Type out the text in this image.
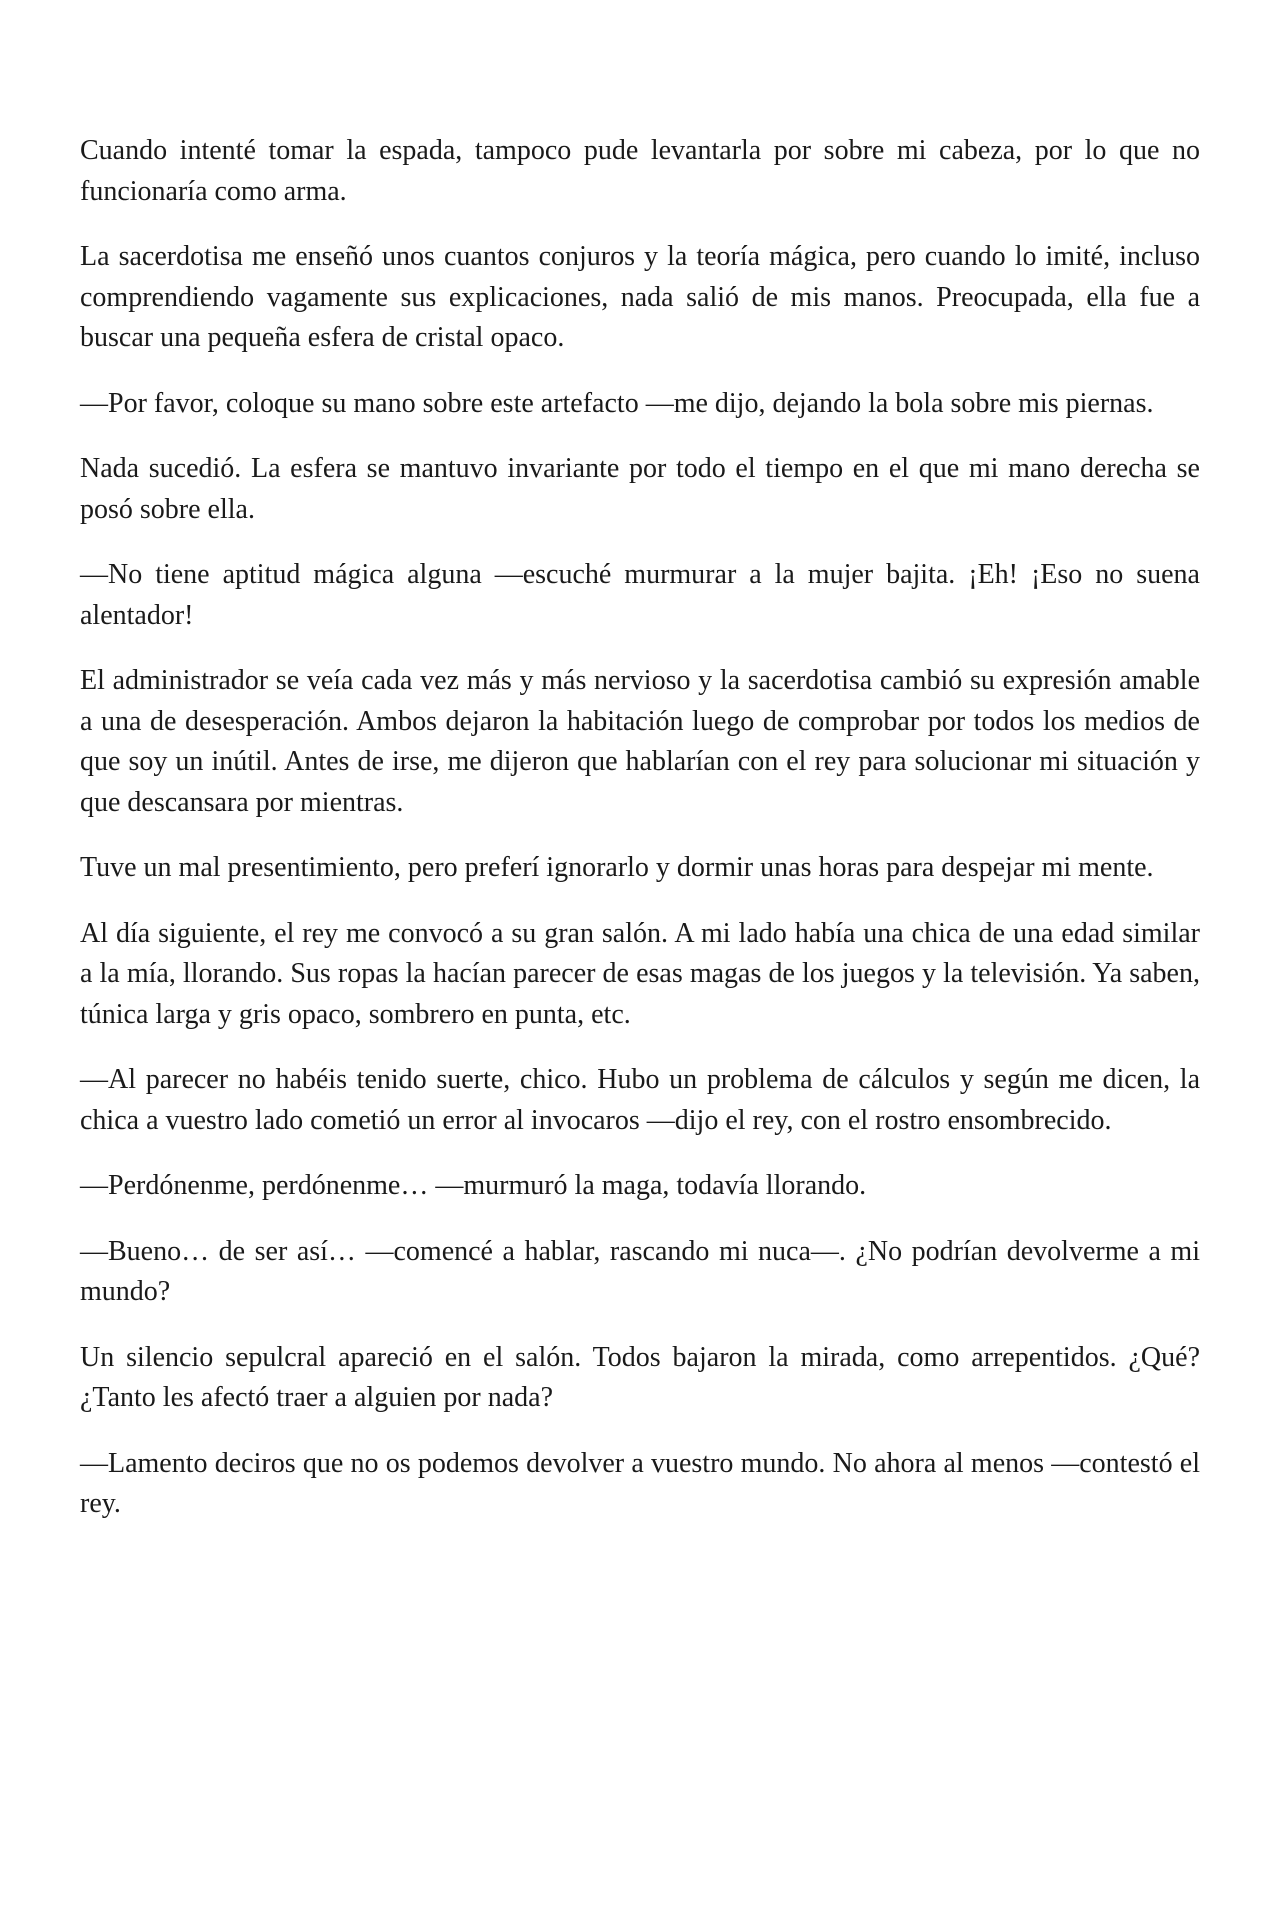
Cuando intenté tomar la espada, tampoco pude levantarla por sobre mi cabeza, por lo que no funcionaría como arma.

La sacerdotisa me enseñó unos cuantos conjuros y la teoría mágica, pero cuando lo imité, incluso comprendiendo vagamente sus explicaciones, nada salió de mis manos. Preocupada, ella fue a buscar una pequeña esfera de cristal opaco.

—Por favor, coloque su mano sobre este artefacto —me dijo, dejando la bola sobre mis piernas.

Nada sucedió. La esfera se mantuvo invariante por todo el tiempo en el que mi mano derecha se posó sobre ella.

—No tiene aptitud mágica alguna —escuché murmurar a la mujer bajita. ¡Eh! ¡Eso no suena alentador!

El administrador se veía cada vez más y más nervioso y la sacerdotisa cambió su expresión amable a una de desesperación. Ambos dejaron la habitación luego de comprobar por todos los medios de que soy un inútil. Antes de irse, me dijeron que hablarían con el rey para solucionar mi situación y que descansara por mientras.

Tuve un mal presentimiento, pero preferí ignorarlo y dormir unas horas para despejar mi mente.

Al día siguiente, el rey me convocó a su gran salón. A mi lado había una chica de una edad similar a la mía, llorando. Sus ropas la hacían parecer de esas magas de los juegos y la televisión. Ya saben, túnica larga y gris opaco, sombrero en punta, etc.

—Al parecer no habéis tenido suerte, chico. Hubo un problema de cálculos y según me dicen, la chica a vuestro lado cometió un error al invocaros —dijo el rey, con el rostro ensombrecido.

—Perdónenme, perdónenme… —murmuró la maga, todavía llorando.

—Bueno… de ser así… —comencé a hablar, rascando mi nuca—. ¿No podrían devolverme a mi mundo?

Un silencio sepulcral apareció en el salón. Todos bajaron la mirada, como arrepentidos. ¿Qué? ¿Tanto les afectó traer a alguien por nada?

—Lamento deciros que no os podemos devolver a vuestro mundo. No ahora al menos —contestó el rey.
